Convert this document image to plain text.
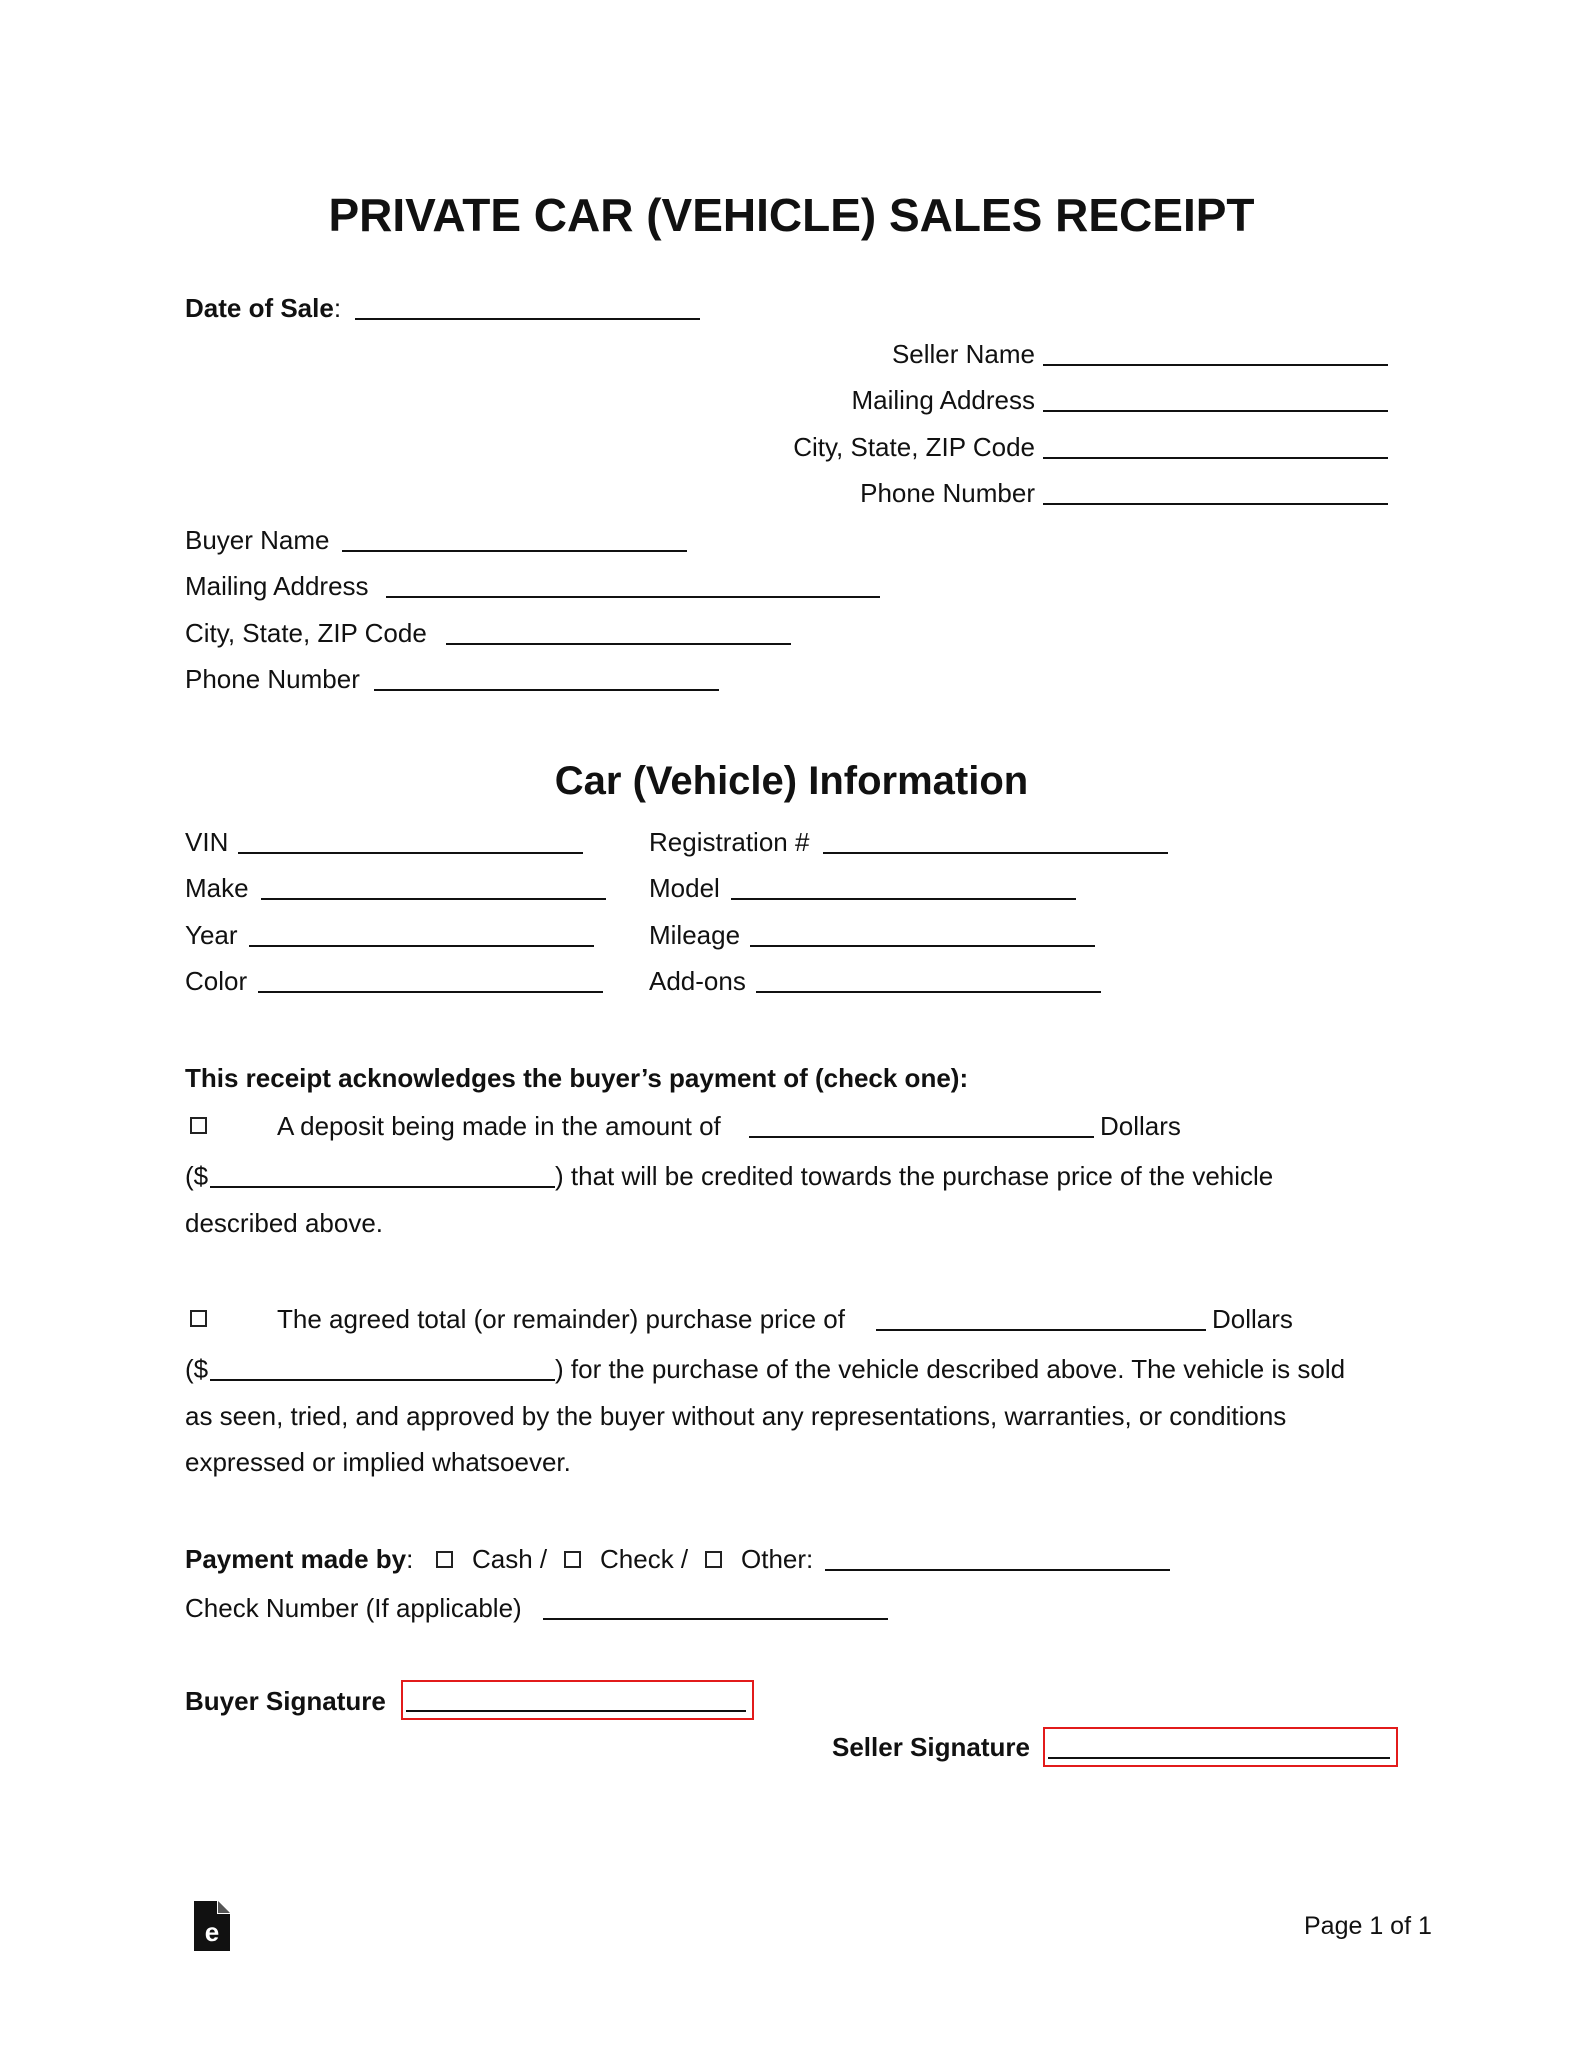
PRIVATE CAR (VEHICLE) SALES RECEIPT
Date of Sale:
Seller Name
Mailing Address
City, State, ZIP Code
Phone Number
Buyer Name
Mailing Address
City, State, ZIP Code
Phone Number
Car (Vehicle) Information
VIN	Registration #
Make	Model
Year	Mileage
Color	Add-ons
This receipt acknowledges the buyer’s payment of (check one):
A deposit being made in the amount of	Dollars
($	) that will be credited towards the purchase price of the vehicle
described above.
The agreed total (or remainder) purchase price of	Dollars
($	) for the purchase of the vehicle described above. The vehicle is sold
as seen, tried, and approved by the buyer without any representations, warranties, or conditions
expressed or implied whatsoever.
Payment made by: Cash / Check / Other:
Check Number (If applicable)
Buyer Signature
Seller Signature
e	Page 1 of 1
